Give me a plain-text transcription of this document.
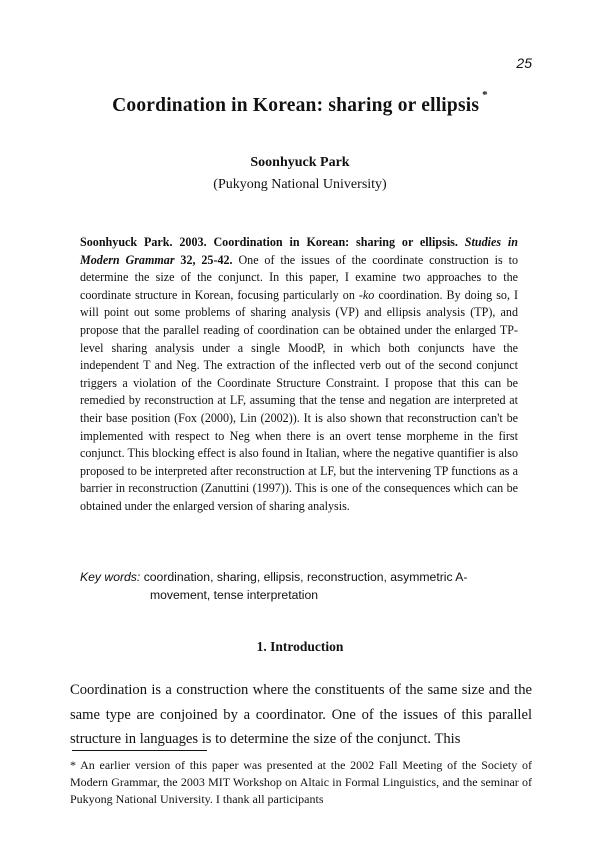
25
Coordination in Korean: sharing or ellipsis *
Soonhyuck Park
(Pukyong National University)
Soonhyuck Park. 2003. Coordination in Korean: sharing or ellipsis. Studies in Modern Grammar 32, 25-42. One of the issues of the coordinate construction is to determine the size of the conjunct. In this paper, I examine two approaches to the coordinate structure in Korean, focusing particularly on -ko coordination. By doing so, I will point out some problems of sharing analysis (VP) and ellipsis analysis (TP), and propose that the parallel reading of coordination can be obtained under the enlarged TP-level sharing analysis under a single MoodP, in which both conjuncts have the independent T and Neg. The extraction of the inflected verb out of the second conjunct triggers a violation of the Coordinate Structure Constraint. I propose that this can be remedied by reconstruction at LF, assuming that the tense and negation are interpreted at their base position (Fox (2000), Lin (2002)). It is also shown that reconstruction can't be implemented with respect to Neg when there is an overt tense morpheme in the first conjunct. This blocking effect is also found in Italian, where the negative quantifier is also proposed to be interpreted after reconstruction at LF, but the intervening TP functions as a barrier in reconstruction (Zanuttini (1997)). This is one of the consequences which can be obtained under the enlarged version of sharing analysis.
Key words: coordination, sharing, ellipsis, reconstruction, asymmetric A-
movement, tense interpretation
1. Introduction
Coordination is a construction where the constituents of the same size and the same type are conjoined by a coordinator. One of the issues of this parallel structure in languages is to determine the size of the conjunct. This
* An earlier version of this paper was presented at the 2002 Fall Meeting of the Society of Modern Grammar, the 2003 MIT Workshop on Altaic in Formal Linguistics, and the seminar of Pukyong National University. I thank all participants
